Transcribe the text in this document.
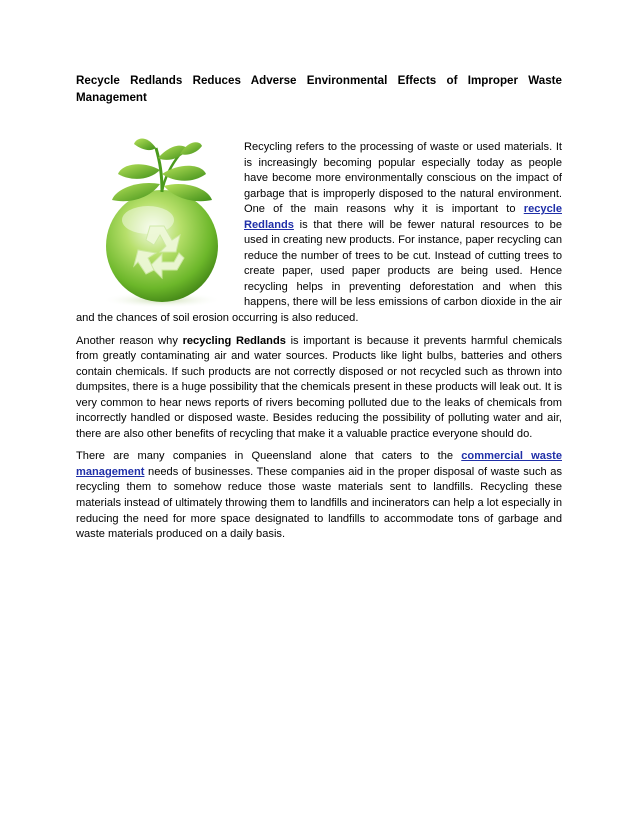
Recycle Redlands Reduces Adverse Environmental Effects of Improper Waste Management

Recycling refers to the processing of waste or used materials. It is increasingly becoming popular especially today as people have become more environmentally conscious on the impact of garbage that is improperly disposed to the natural environment. One of the main reasons why it is important to recycle Redlands is that there will be fewer natural resources to be used in creating new products. For instance, paper recycling can reduce the number of trees to be cut. Instead of cutting trees to create paper, used paper products are being used. Hence recycling helps in preventing deforestation and when this happens, there will be less emissions of carbon dioxide in the air and the chances of soil erosion occurring is also reduced.

Another reason why recycling Redlands is important is because it prevents harmful chemicals from greatly contaminating air and water sources. Products like light bulbs, batteries and others contain chemicals. If such products are not correctly disposed or not recycled such as thrown into dumpsites, there is a huge possibility that the chemicals present in these products will leak out. It is very common to hear news reports of rivers becoming polluted due to the leaks of chemicals from incorrectly handled or disposed waste. Besides reducing the possibility of polluting water and air, there are also other benefits of recycling that make it a valuable practice everyone should do.

There are many companies in Queensland alone that caters to the commercial waste management needs of businesses. These companies aid in the proper disposal of waste such as recycling them to somehow reduce those waste materials sent to landfills. Recycling these materials instead of ultimately throwing them to landfills and incinerators can help a lot especially in reducing the need for more space designated to landfills to accommodate tons of garbage and waste materials produced on a daily basis.
